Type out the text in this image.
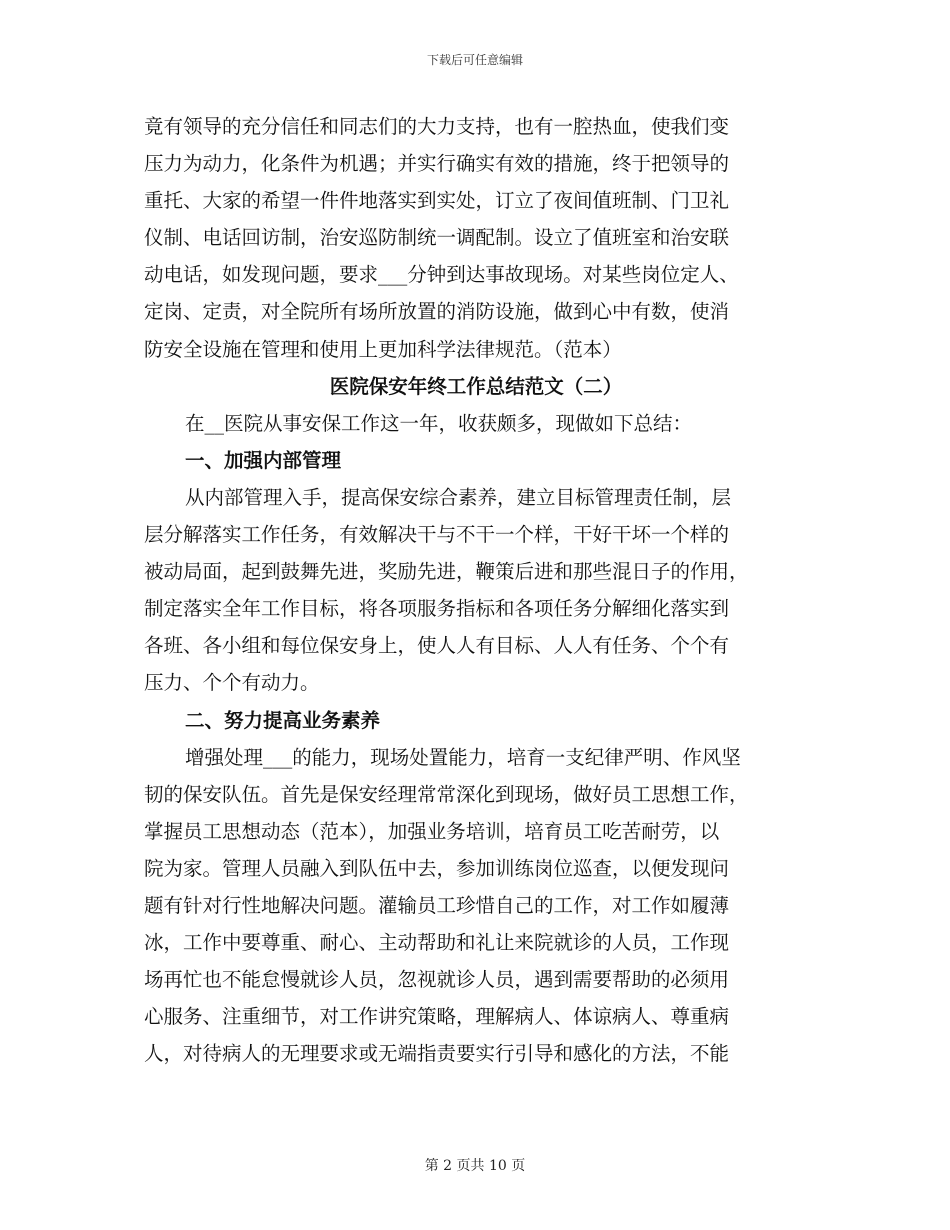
下载后可任意编辑
竟有领导的充分信任和同志们的大力支持，也有一腔热血，使我们变
压力为动力，化条件为机遇；并实行确实有效的措施，终于把领导的
重托、大家的希望一件件地落实到实处，订立了夜间值班制、门卫礼
仪制、电话回访制，治安巡防制统一调配制。设立了值班室和治安联
动电话，如发现问题，要求___分钟到达事故现场。对某些岗位定人、
定岗、定责，对全院所有场所放置的消防设施，做到心中有数，使消
防安全设施在管理和使用上更加科学法律规范。（范本）
医院保安年终工作总结范文（二）
在__医院从事安保工作这一年，收获颇多，现做如下总结：
一、加强内部管理
从内部管理入手，提高保安综合素养，建立目标管理责任制，层
层分解落实工作任务，有效解决干与不干一个样，干好干坏一个样的
被动局面，起到鼓舞先进，奖励先进，鞭策后进和那些混日子的作用，
制定落实全年工作目标，将各项服务指标和各项任务分解细化落实到
各班、各小组和每位保安身上，使人人有目标、人人有任务、个个有
压力、个个有动力。
二、努力提高业务素养
增强处理___的能力，现场处置能力，培育一支纪律严明、作风坚
韧的保安队伍。首先是保安经理常常深化到现场，做好员工思想工作，
掌握员工思想动态（范本），加强业务培训，培育员工吃苦耐劳，以
院为家。管理人员融入到队伍中去，参加训练岗位巡查，以便发现问
题有针对行性地解决问题。灌输员工珍惜自己的工作，对工作如履薄
冰，工作中要尊重、耐心、主动帮助和礼让来院就诊的人员，工作现
场再忙也不能怠慢就诊人员，忽视就诊人员，遇到需要帮助的必须用
心服务、注重细节，对工作讲究策略，理解病人、体谅病人、尊重病
人，对待病人的无理要求或无端指责要实行引导和感化的方法，不能
第 2 页共 10 页
